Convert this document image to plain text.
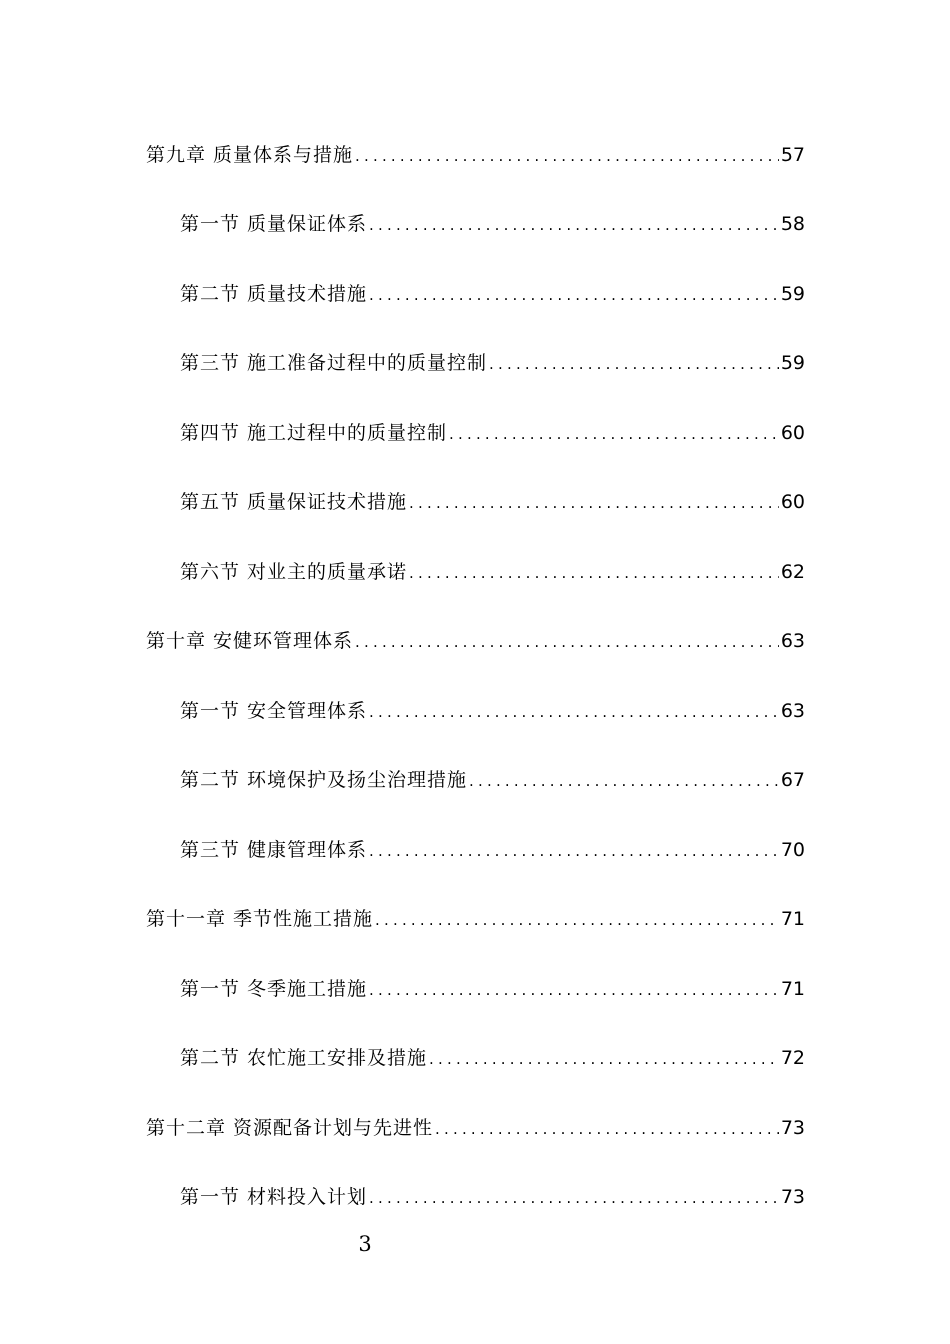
第九章 质量体系与措施 .....	57
第一节 质量保证体系 .....	58
第二节 质量技术措施 .....	59
第三节 施工准备过程中的质量控制 .....	59
第四节 施工过程中的质量控制 .....	60
第五节 质量保证技术措施 .....	60
第六节 对业主的质量承诺 .....	62
第十章 安健环管理体系 .....	63
第一节 安全管理体系 .....	63
第二节 环境保护及扬尘治理措施 .....	67
第三节 健康管理体系 .....	70
第十一章 季节性施工措施 .....	71
第一节 冬季施工措施 .....	71
第二节 农忙施工安排及措施 .....	72
第十二章 资源配备计划与先进性 .....	73
第一节 材料投入计划 .....	73
3
